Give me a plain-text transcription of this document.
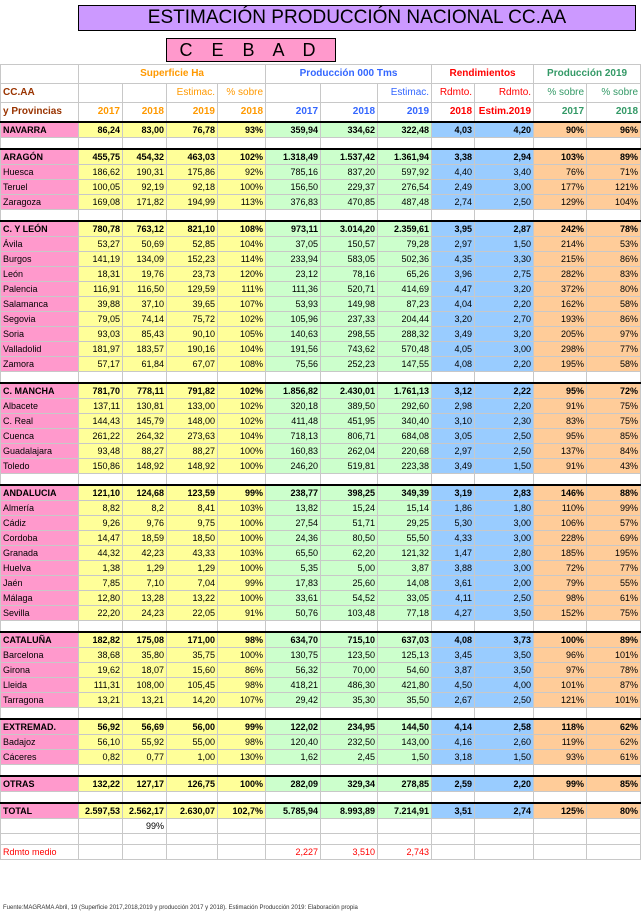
ESTIMACIÓN PRODUCCIÓN NACIONAL CC.AA
C E B A D
	Superficie Ha				Producción 000 Tms			Rendimientos		Producción 2019	
CC.AA			Estimac.	% sobre			Estimac.	Rdmto.	Rdmto.	% sobre	% sobre
y Provincias	2017	2018	2019	2018	2017	2018	2019	2018	Estim.2019	2017	2018
NAVARRA	86,24	83,00	76,78	93%	359,94	334,62	322,48	4,03	4,20	90%	96%

ARAGÓN	455,75	454,32	463,03	102%	1.318,49	1.537,42	1.361,94	3,38	2,94	103%	89%
Huesca	186,62	190,31	175,86	92%	785,16	837,20	597,92	4,40	3,40	76%	71%
Teruel	100,05	92,19	92,18	100%	156,50	229,37	276,54	2,49	3,00	177%	121%
Zaragoza	169,08	171,82	194,99	113%	376,83	470,85	487,48	2,74	2,50	129%	104%

C. Y LEÓN	780,78	763,12	821,10	108%	973,11	3.014,20	2.359,61	3,95	2,87	242%	78%
Ávila	53,27	50,69	52,85	104%	37,05	150,57	79,28	2,97	1,50	214%	53%
Burgos	141,19	134,09	152,23	114%	233,94	583,05	502,36	4,35	3,30	215%	86%
León	18,31	19,76	23,73	120%	23,12	78,16	65,26	3,96	2,75	282%	83%
Palencia	116,91	116,50	129,59	111%	111,36	520,71	414,69	4,47	3,20	372%	80%
Salamanca	39,88	37,10	39,65	107%	53,93	149,98	87,23	4,04	2,20	162%	58%
Segovia	79,05	74,14	75,72	102%	105,96	237,33	204,44	3,20	2,70	193%	86%
Soria	93,03	85,43	90,10	105%	140,63	298,55	288,32	3,49	3,20	205%	97%
Valladolid	181,97	183,57	190,16	104%	191,56	743,62	570,48	4,05	3,00	298%	77%
Zamora	57,17	61,84	67,07	108%	75,56	252,23	147,55	4,08	2,20	195%	58%

C. MANCHA	781,70	778,11	791,82	102%	1.856,82	2.430,01	1.761,13	3,12	2,22	95%	72%
Albacete	137,11	130,81	133,00	102%	320,18	389,50	292,60	2,98	2,20	91%	75%
C. Real	144,43	145,79	148,00	102%	411,48	451,95	340,40	3,10	2,30	83%	75%
Cuenca	261,22	264,32	273,63	104%	718,13	806,71	684,08	3,05	2,50	95%	85%
Guadalajara	93,48	88,27	88,27	100%	160,83	262,04	220,68	2,97	2,50	137%	84%
Toledo	150,86	148,92	148,92	100%	246,20	519,81	223,38	3,49	1,50	91%	43%

ANDALUCIA	121,10	124,68	123,59	99%	238,77	398,25	349,39	3,19	2,83	146%	88%
Almería	8,82	8,2	8,41	103%	13,82	15,24	15,14	1,86	1,80	110%	99%
Cádiz	9,26	9,76	9,75	100%	27,54	51,71	29,25	5,30	3,00	106%	57%
Cordoba	14,47	18,59	18,50	100%	24,36	80,50	55,50	4,33	3,00	228%	69%
Granada	44,32	42,23	43,33	103%	65,50	62,20	121,32	1,47	2,80	185%	195%
Huelva	1,38	1,29	1,29	100%	5,35	5,00	3,87	3,88	3,00	72%	77%
Jaén	7,85	7,10	7,04	99%	17,83	25,60	14,08	3,61	2,00	79%	55%
Málaga	12,80	13,28	13,22	100%	33,61	54,52	33,05	4,11	2,50	98%	61%
Sevilla	22,20	24,23	22,05	91%	50,76	103,48	77,18	4,27	3,50	152%	75%

CATALUÑA	182,82	175,08	171,00	98%	634,70	715,10	637,03	4,08	3,73	100%	89%
Barcelona	38,68	35,80	35,75	100%	130,75	123,50	125,13	3,45	3,50	96%	101%
Girona	19,62	18,07	15,60	86%	56,32	70,00	54,60	3,87	3,50	97%	78%
Lleida	111,31	108,00	105,45	98%	418,21	486,30	421,80	4,50	4,00	101%	87%
Tarragona	13,21	13,21	14,20	107%	29,42	35,30	35,50	2,67	2,50	121%	101%

EXTREMAD.	56,92	56,69	56,00	99%	122,02	234,95	144,50	4,14	2,58	118%	62%
Badajoz	56,10	55,92	55,00	98%	120,40	232,50	143,00	4,16	2,60	119%	62%
Cáceres	0,82	0,77	1,00	130%	1,62	2,45	1,50	3,18	1,50	93%	61%

OTRAS	132,22	127,17	126,75	100%	282,09	329,34	278,85	2,59	2,20	99%	85%

TOTAL	2.597,53	2.562,17	2.630,07	102,7%	5.785,94	8.993,89	7.214,91	3,51	2,74	125%	80%
		99%									

Rdmto medio					2,227	3,510	2,743				
Fuente:MAGRAMA Abril, 19 (Superficie 2017,2018,2019 y producción 2017 y 2018). Estimación Producción 2019: Elaboración propia
